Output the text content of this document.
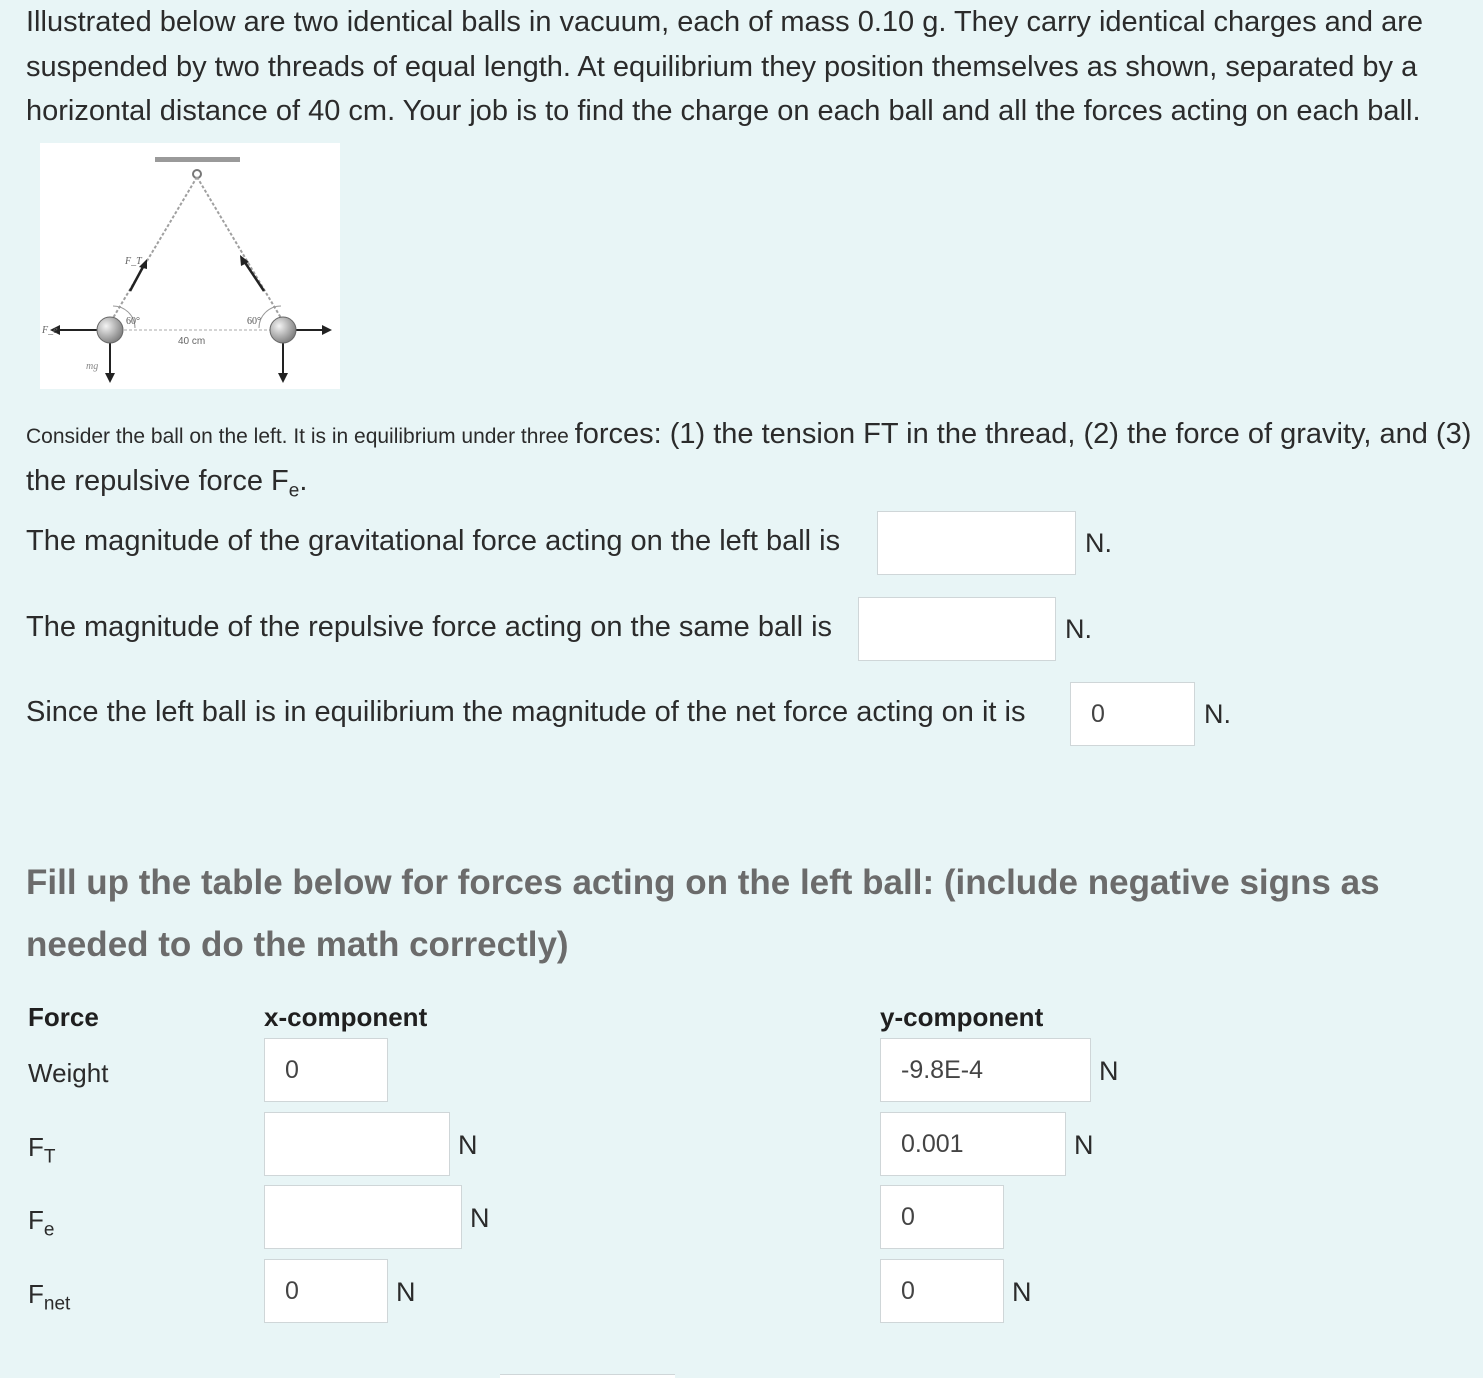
Illustrated below are two identical balls in vacuum, each of mass 0.10 g. They carry identical charges and are suspended by two threads of equal length. At equilibrium they position themselves as shown, separated by a horizontal distance of 40 cm. Your job is to find the charge on each ball and all the forces acting on each ball.
F_T
60°	60°
40 cm
F_e
mg
Consider the ball on the left. It is in equilibrium under three forces: (1) the tension FT in the thread, (2) the force of gravity, and (3)
the repulsive force $F_e$.
The magnitude of the gravitational force acting on the left ball is	N.
The magnitude of the repulsive force acting on the same ball is	N.
Since the left ball is in equilibrium the magnitude of the net force acting on it is	0	N.
Fill up the table below for forces acting on the left ball: (include negative signs as needed to do the math correctly)
Force	x-component	y-component
Weight	0	-9.8E-4	N
$F_T$	N	0.001	N
$F_e$	N	0
$F_{net}$	0	N	0	N
